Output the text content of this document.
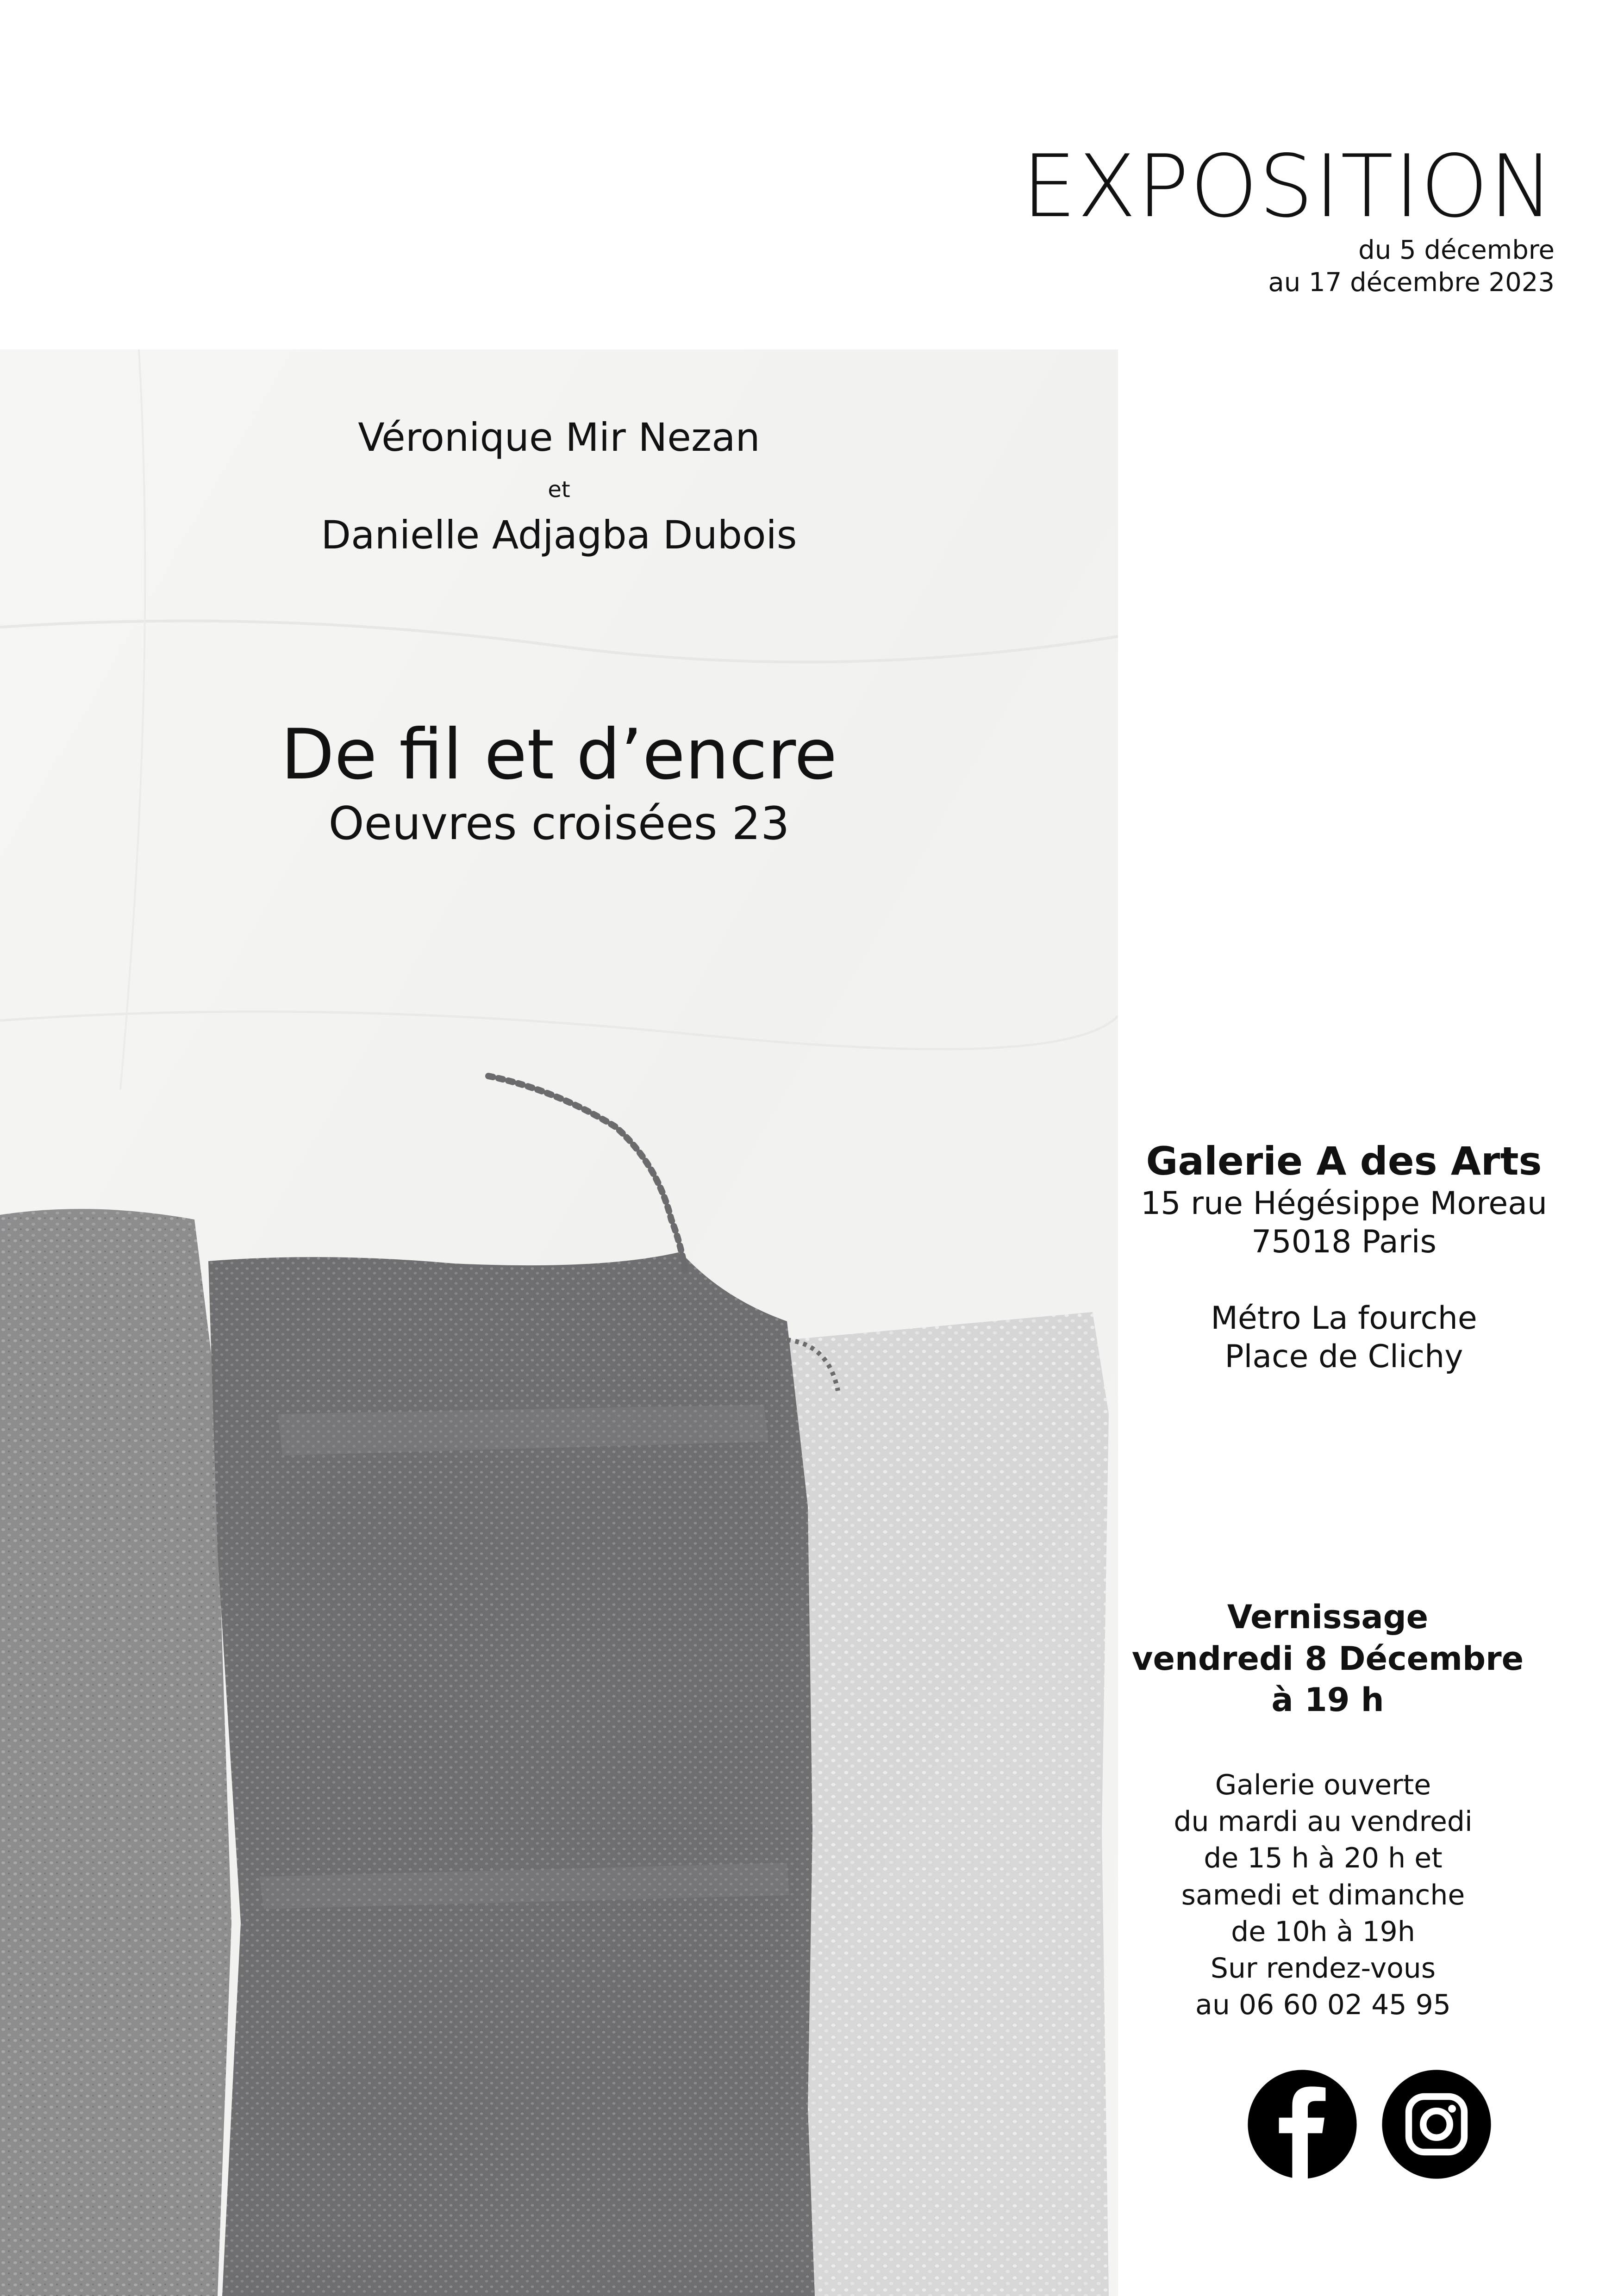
EXPOSITION
du 5 décembre
au 17 décembre 2023
Véronique Mir Nezan
et
Danielle Adjagba Dubois
De fil et d’encre
Oeuvres croisées 23
Galerie A des Arts
15 rue Hégésippe Moreau
75018 Paris
Métro La fourche
Place de Clichy
Vernissage
vendredi 8 Décembre
à 19 h
Galerie ouverte
du mardi au vendredi
de 15 h à 20 h et
samedi et dimanche
de 10h à 19h
Sur rendez-vous
au 06 60 02 45 95
